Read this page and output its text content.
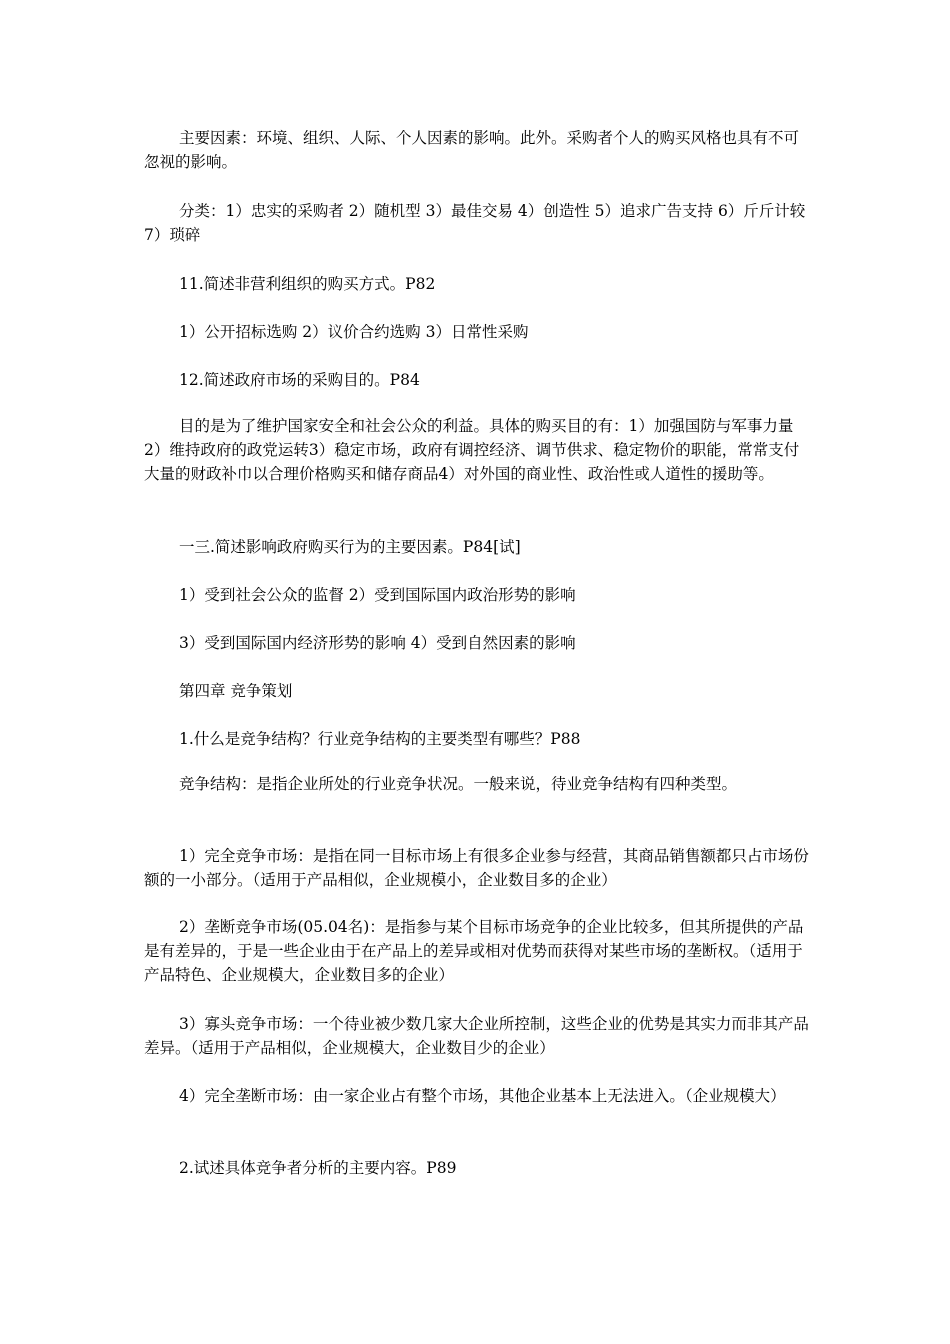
主要因素：环境、组织、人际、个人因素的影响。此外。采购者个人的购买风格也具有不可忽视的影响。

分类：1）忠实的采购者 2）随机型 3）最佳交易 4）创造性 5）追求广告支持 6）斤斤计较 7）琐碎

11.简述非营利组织的购买方式。P82

1）公开招标选购 2）议价合约选购 3）日常性采购

12.简述政府市场的采购目的。P84

目的是为了维护国家安全和社会公众的利益。具体的购买目的有：1）加强国防与军事力量2）维持政府的政党运转3）稳定市场，政府有调控经济、调节供求、稳定物价的职能，常常支付大量的财政补巾以合理价格购买和储存商品4）对外国的商业性、政治性或人道性的援助等。

一三.简述影响政府购买行为的主要因素。P84[试]

1）受到社会公众的监督 2）受到国际国内政治形势的影响

3）受到国际国内经济形势的影响 4）受到自然因素的影响

第四章 竞争策划

1.什么是竞争结构？行业竞争结构的主要类型有哪些？P88

竞争结构：是指企业所处的行业竞争状况。一般来说，待业竞争结构有四种类型。

1）完全竞争市场：是指在同一目标市场上有很多企业参与经营，其商品销售额都只占市场份额的一小部分。（适用于产品相似，企业规模小，企业数目多的企业）

2）垄断竞争市场(05.04名)：是指参与某个目标市场竞争的企业比较多，但其所提供的产品是有差异的，于是一些企业由于在产品上的差异或相对优势而获得对某些市场的垄断权。（适用于产品特色、企业规模大，企业数目多的企业）

3）寡头竞争市场：一个待业被少数几家大企业所控制，这些企业的优势是其实力而非其产品差异。（适用于产品相似，企业规模大，企业数目少的企业）

4）完全垄断市场：由一家企业占有整个市场，其他企业基本上无法进入。（企业规模大）

2.试述具体竞争者分析的主要内容。P89
